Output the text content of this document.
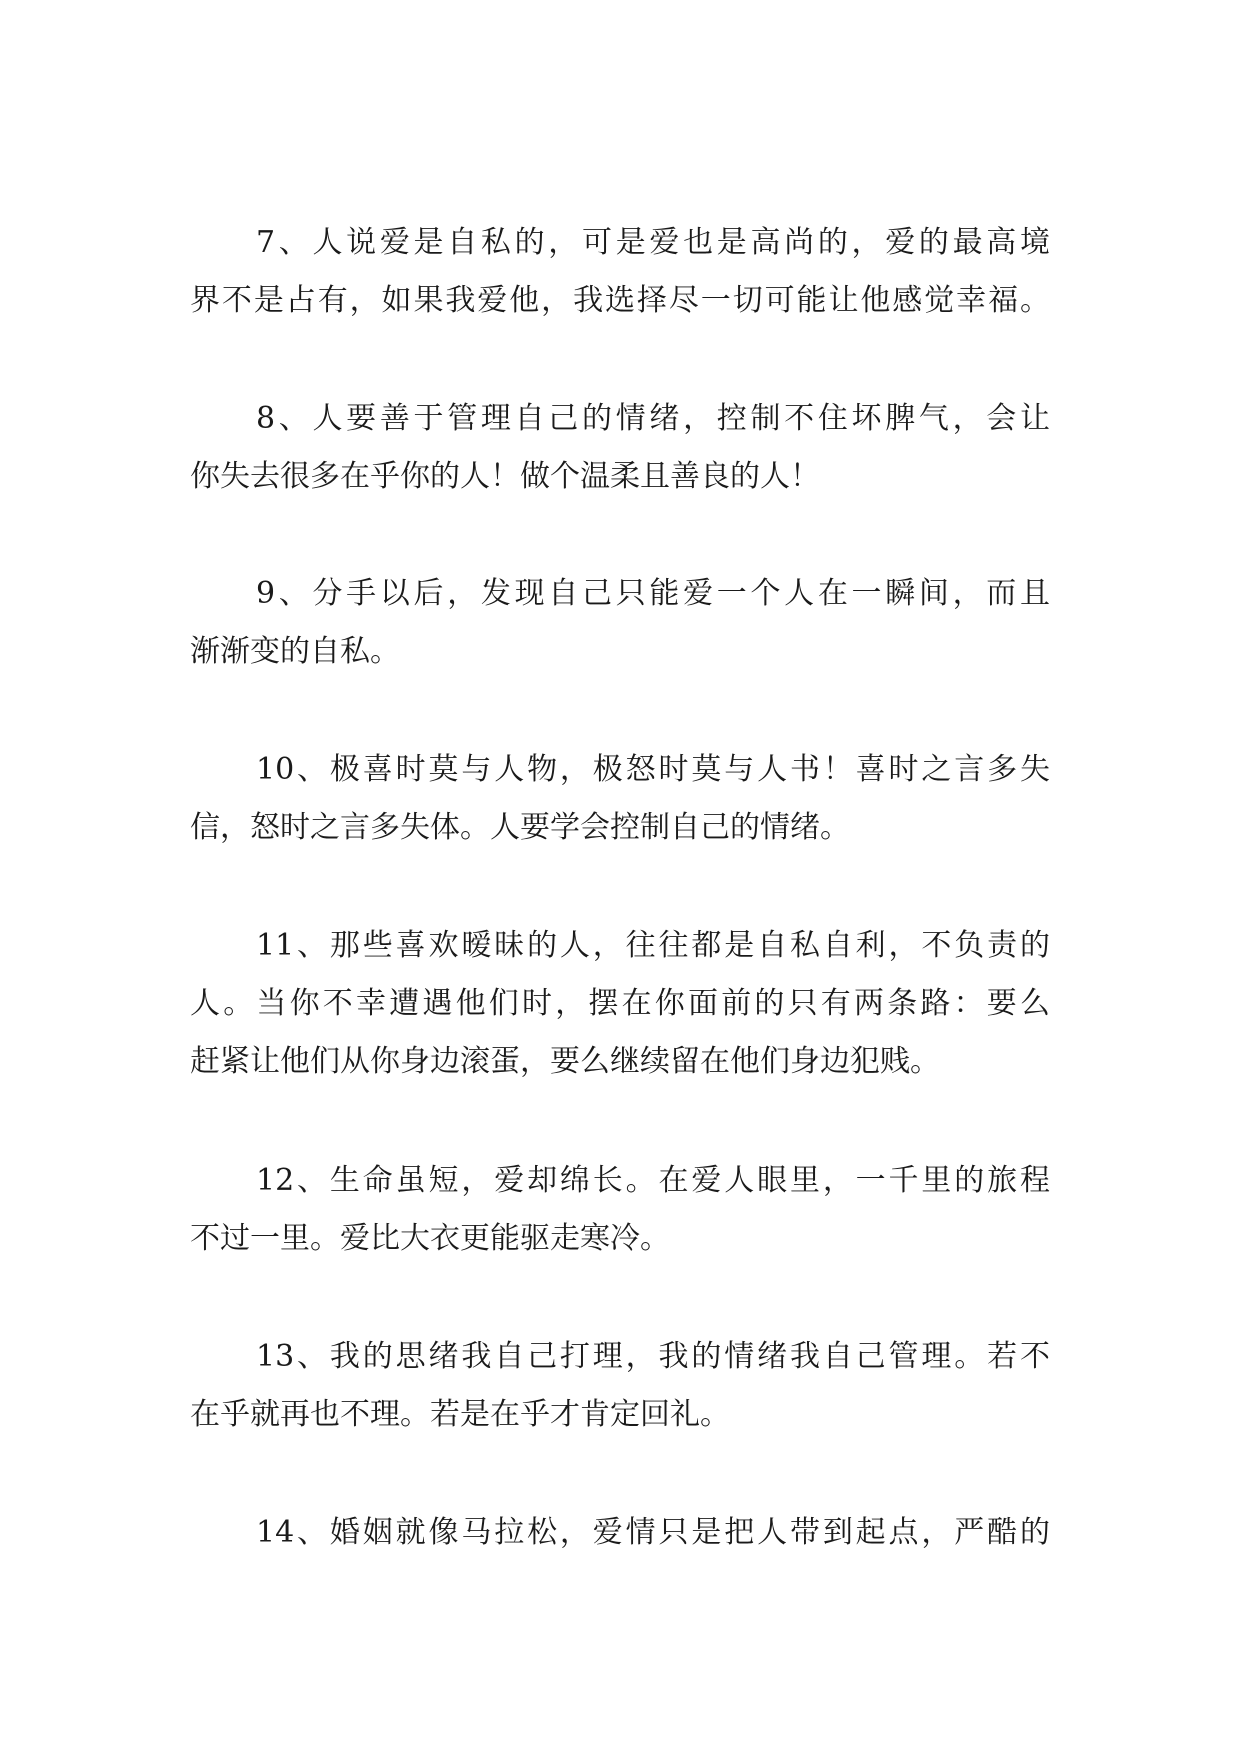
7、人说爱是自私的，可是爱也是高尚的，爱的最高境
界不是占有，如果我爱他，我选择尽一切可能让他感觉幸福。
8、人要善于管理自己的情绪，控制不住坏脾气，会让
你失去很多在乎你的人！做个温柔且善良的人！
9、分手以后，发现自己只能爱一个人在一瞬间，而且
渐渐变的自私。
10、极喜时莫与人物，极怒时莫与人书！喜时之言多失
信，怒时之言多失体。人要学会控制自己的情绪。
11、那些喜欢暧昧的人，往往都是自私自利，不负责的
人。当你不幸遭遇他们时，摆在你面前的只有两条路：要么
赶紧让他们从你身边滚蛋，要么继续留在他们身边犯贱。
12、生命虽短，爱却绵长。在爱人眼里，一千里的旅程
不过一里。爱比大衣更能驱走寒冷。
13、我的思绪我自己打理，我的情绪我自己管理。若不
在乎就再也不理。若是在乎才肯定回礼。
14、婚姻就像马拉松，爱情只是把人带到起点，严酷的
